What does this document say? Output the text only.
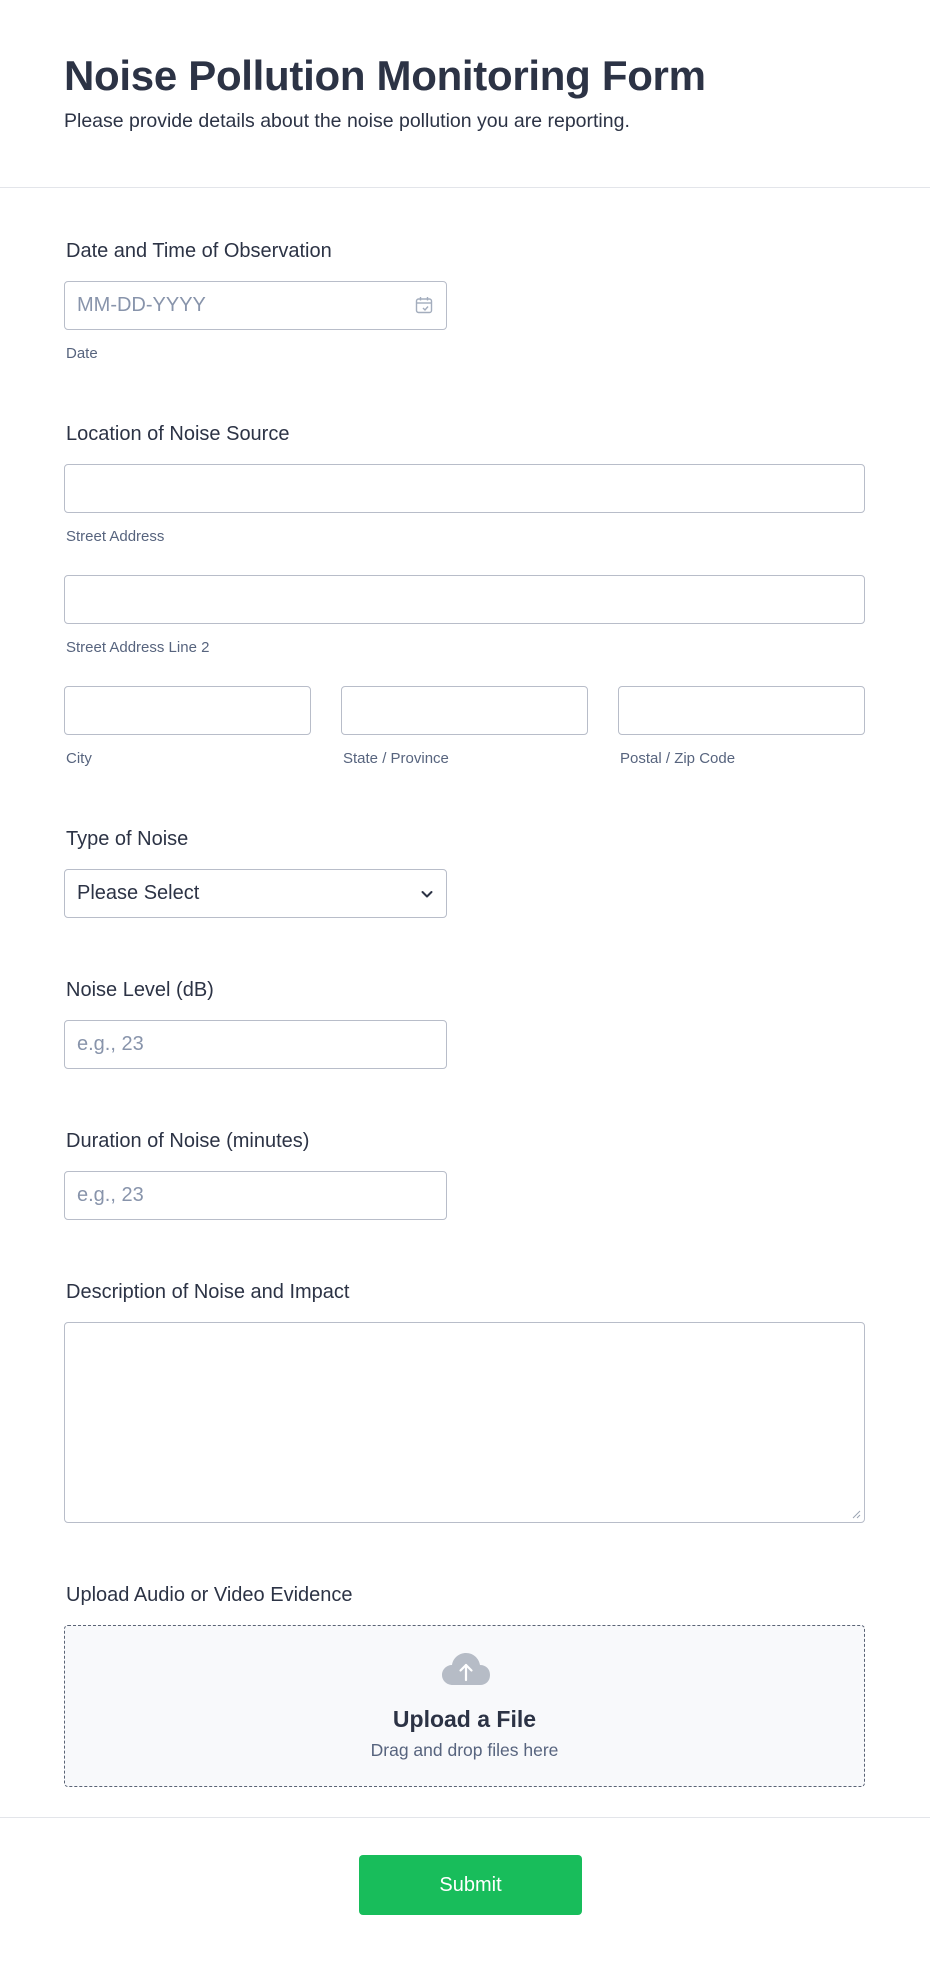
Noise Pollution Monitoring Form

Please provide details about the noise pollution you are reporting.

Date and Time of Observation
MM-DD-YYYY
Date
Location of Noise Source
Street Address
Street Address Line 2
City	State / Province	Postal / Zip Code
Type of Noise
Please Select
Noise Level (dB)
e.g., 23
Duration of Noise (minutes)
e.g., 23
Description of Noise and Impact
Upload Audio or Video Evidence
Upload a File
Drag and drop files here
Submit
